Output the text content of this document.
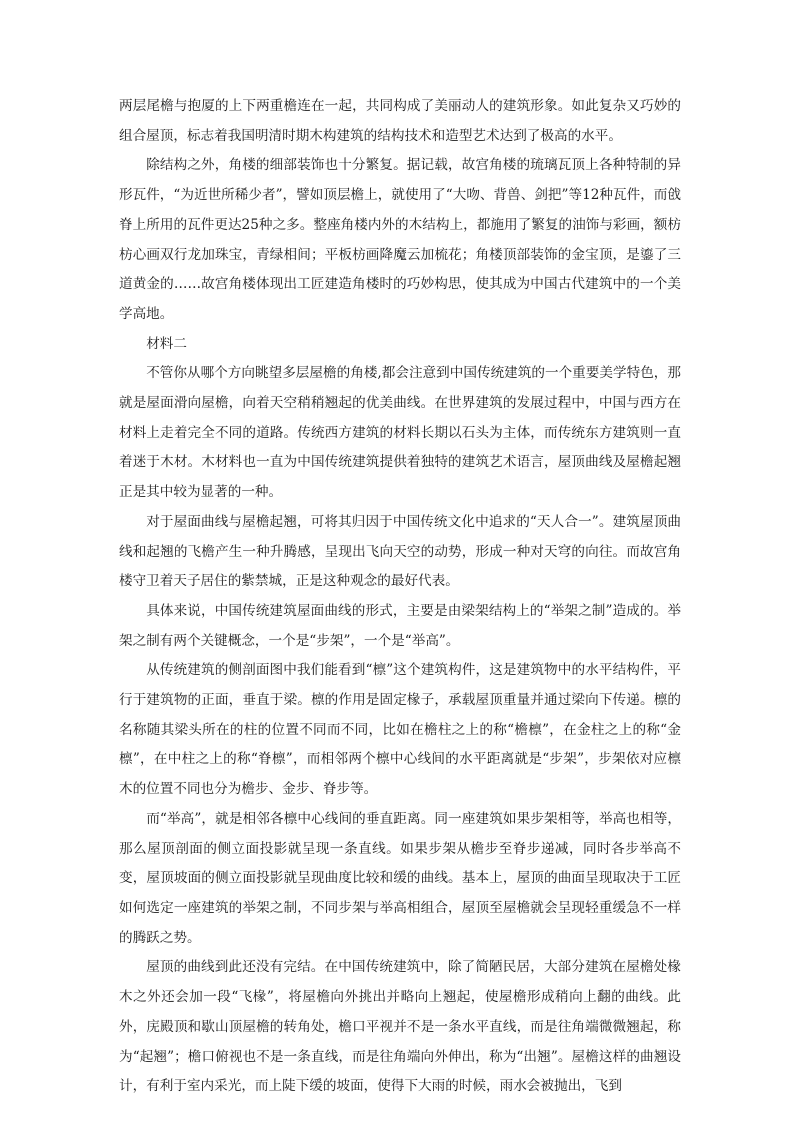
两层尾檐与抱厦的上下两重檐连在一起，共同构成了美丽动人的建筑形象。如此复杂又巧妙的组合屋顶，标志着我国明清时期木构建筑的结构技术和造型艺术达到了极高的水平。

除结构之外，角楼的细部装饰也十分繁复。据记载，故宫角楼的琉璃瓦顶上各种特制的异形瓦件，“为近世所稀少者”，譬如顶层檐上，就使用了“大吻、背兽、剑把”等12种瓦件，而戗脊上所用的瓦件更达25种之多。整座角楼内外的木结构上，都施用了繁复的油饰与彩画，额枋枋心画双行龙加珠宝，青绿相间；平板枋画降魔云加梳花；角楼顶部装饰的金宝顶，是鎏了三道黄金的……故宫角楼体现出工匠建造角楼时的巧妙构思，使其成为中国古代建筑中的一个美学高地。

材料二

不管你从哪个方向眺望多层屋檐的角楼,都会注意到中国传统建筑的一个重要美学特色，那就是屋面滑向屋檐，向着天空稍稍翘起的优美曲线。在世界建筑的发展过程中，中国与西方在材料上走着完全不同的道路。传统西方建筑的材料长期以石头为主体，而传统东方建筑则一直着迷于木材。木材料也一直为中国传统建筑提供着独特的建筑艺术语言，屋顶曲线及屋檐起翘正是其中较为显著的一种。

对于屋面曲线与屋檐起翘，可将其归因于中国传统文化中追求的“天人合一”。建筑屋顶曲线和起翘的飞檐产生一种升腾感，呈现出飞向天空的动势，形成一种对天穹的向往。而故宫角楼守卫着天子居住的紫禁城，正是这种观念的最好代表。

具体来说，中国传统建筑屋面曲线的形式，主要是由梁架结构上的“举架之制”造成的。举架之制有两个关键概念，一个是“步架”，一个是“举高”。

从传统建筑的侧剖面图中我们能看到“檩”这个建筑构件，这是建筑物中的水平结构件，平行于建筑物的正面，垂直于梁。檩的作用是固定椽子，承载屋顶重量并通过梁向下传递。檩的名称随其梁头所在的柱的位置不同而不同，比如在檐柱之上的称“檐檩”，在金柱之上的称“金檩”，在中柱之上的称“脊檩”，而相邻两个檩中心线间的水平距离就是“步架”，步架依对应檩木的位置不同也分为檐步、金步、脊步等。

而“举高”，就是相邻各檩中心线间的垂直距离。同一座建筑如果步架相等，举高也相等，那么屋顶剖面的侧立面投影就呈现一条直线。如果步架从檐步至脊步递减，同时各步举高不变，屋顶坡面的侧立面投影就呈现曲度比较和缓的曲线。基本上，屋顶的曲面呈现取决于工匠如何选定一座建筑的举架之制，不同步架与举高相组合，屋顶至屋檐就会呈现轻重缓急不一样的腾跃之势。

屋顶的曲线到此还没有完结。在中国传统建筑中，除了简陋民居，大部分建筑在屋檐处椽木之外还会加一段“飞椽”，将屋檐向外挑出并略向上翘起，使屋檐形成稍向上翻的曲线。此外，庑殿顶和歇山顶屋檐的转角处，檐口平视并不是一条水平直线，而是往角端微微翘起，称为“起翘”；檐口俯视也不是一条直线，而是往角端向外伸出，称为“出翘”。屋檐这样的曲翘设计，有利于室内采光，而上陡下缓的坡面，使得下大雨的时候，雨水会被抛出，飞到
